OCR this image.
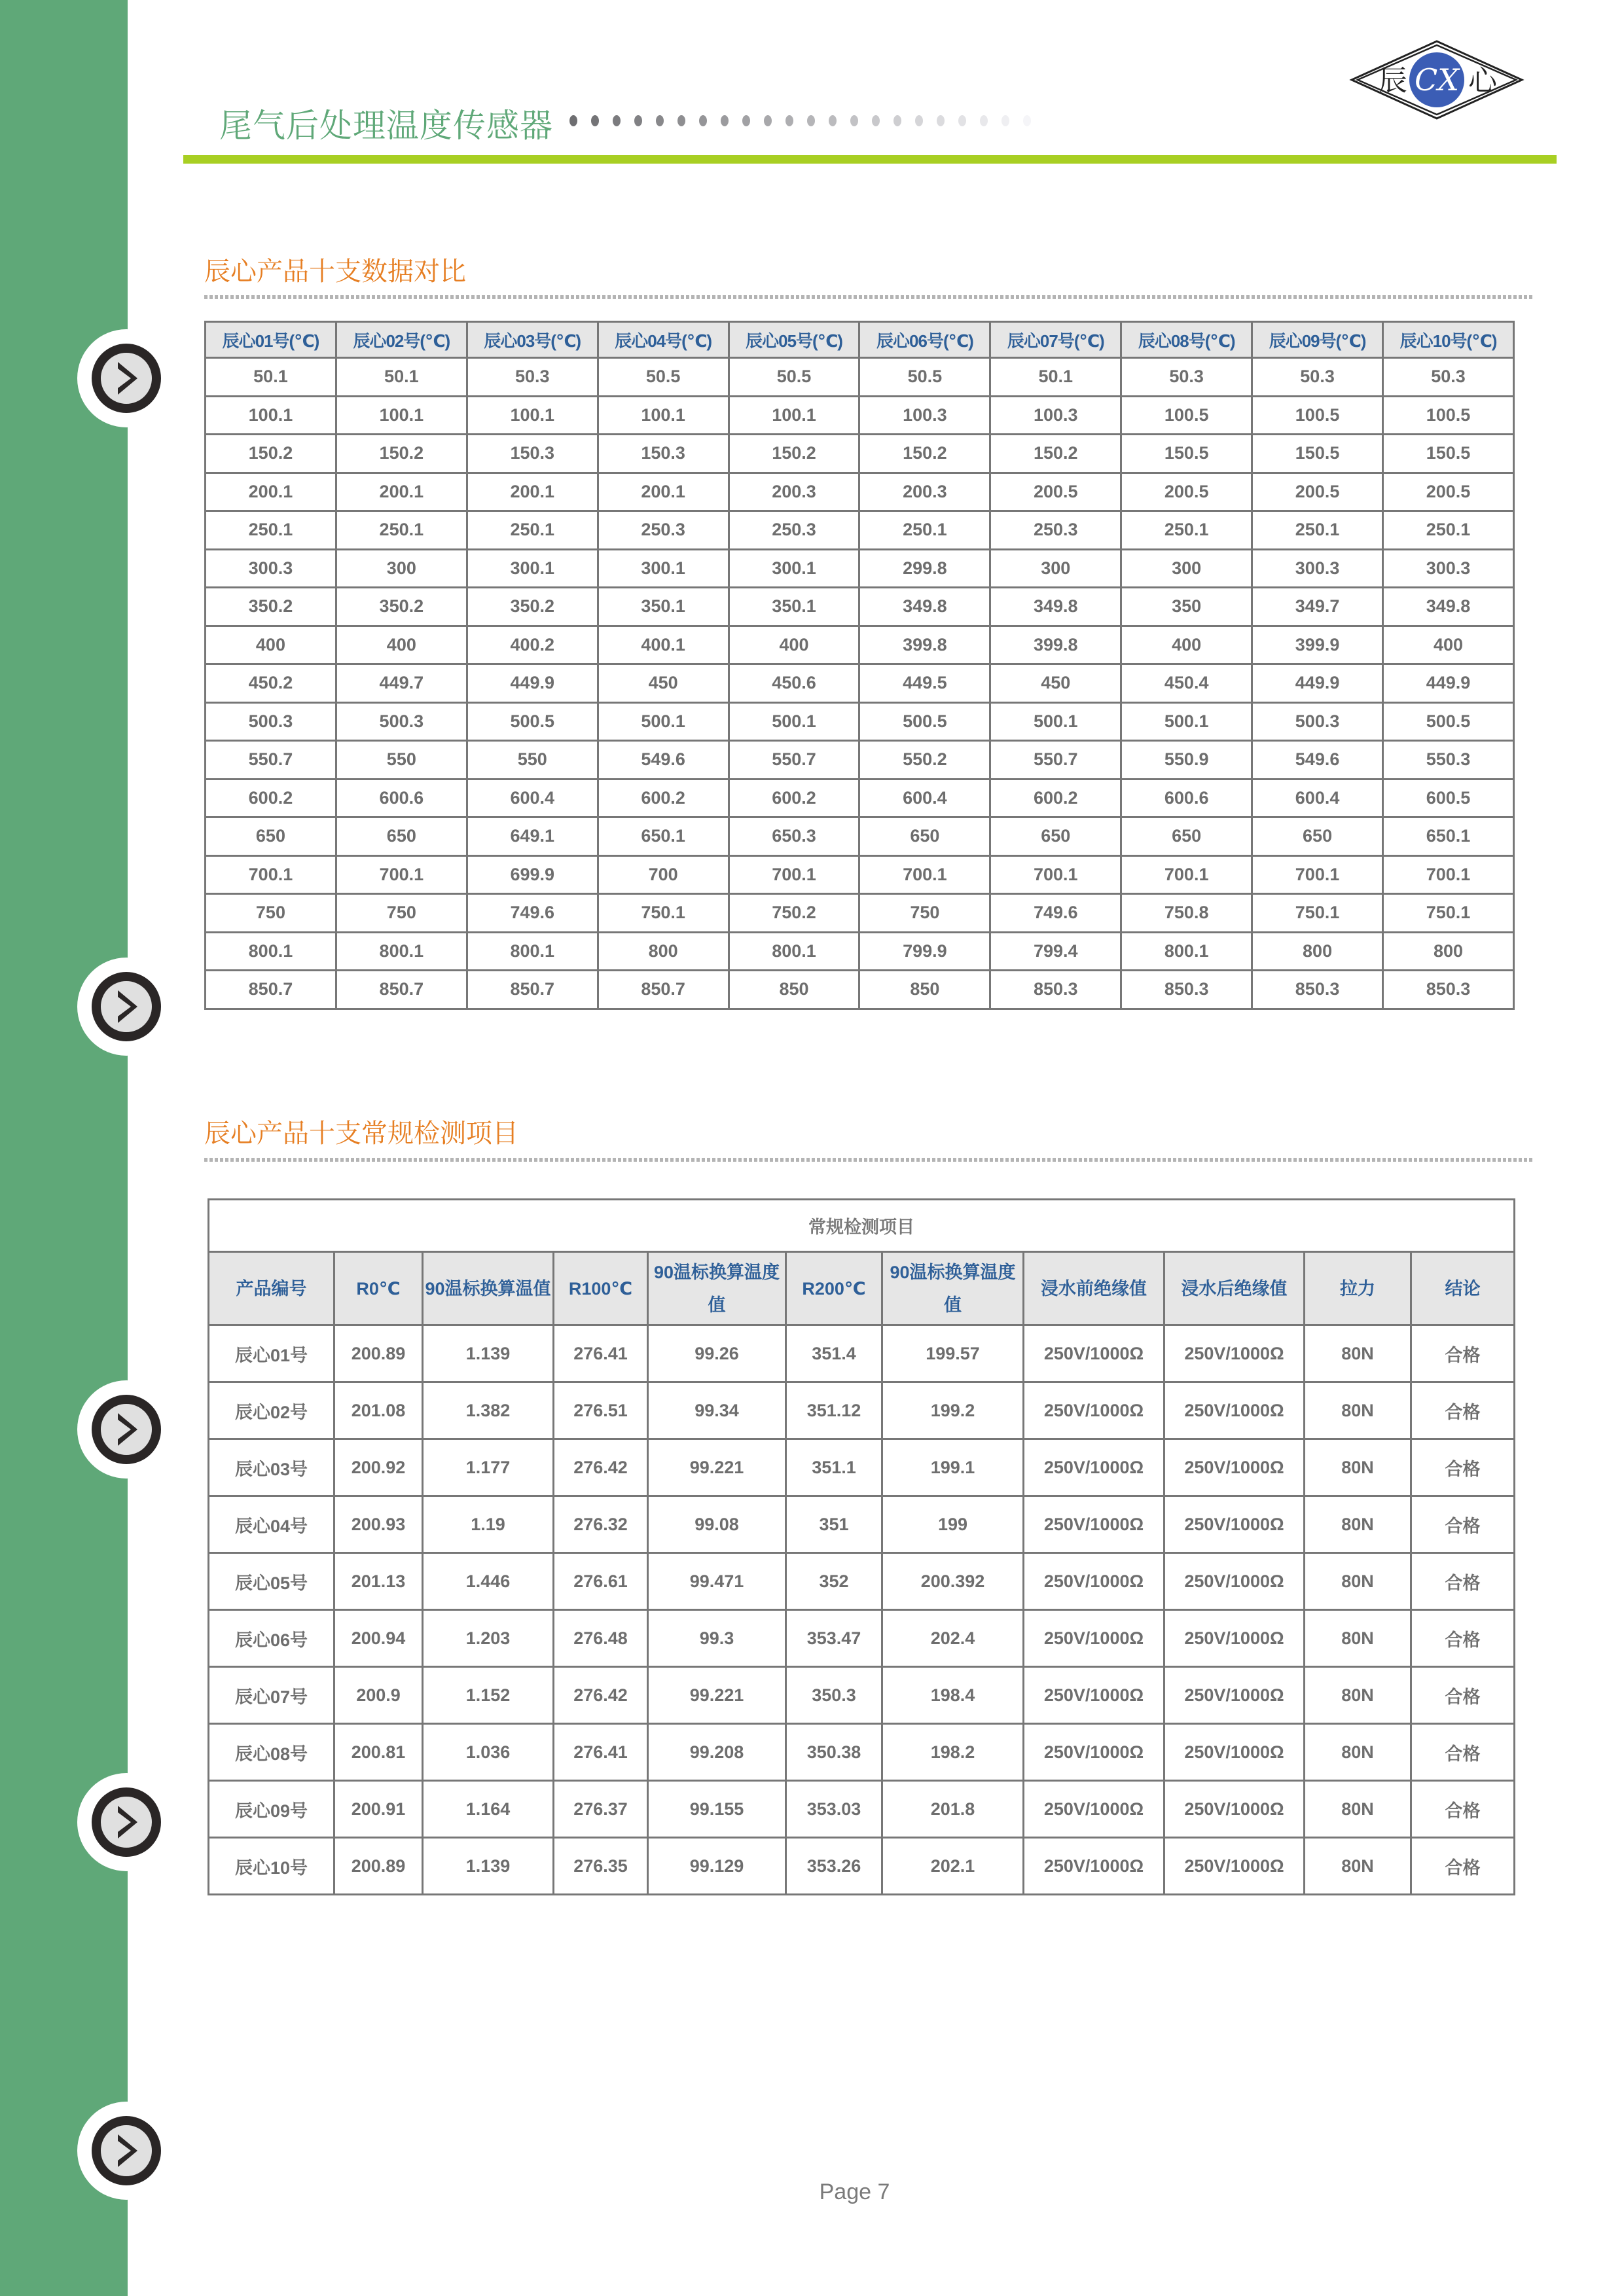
尾气后处理温度传感器
辰 CX 心
辰心产品十支数据对比
辰心01号(℃)	辰心02号(℃)	辰心03号(℃)	辰心04号(℃)	辰心05号(℃)	辰心06号(℃)	辰心07号(℃)	辰心08号(℃)	辰心09号(℃)	辰心10号(℃)
50.1	50.1	50.3	50.5	50.5	50.5	50.1	50.3	50.3	50.3
100.1	100.1	100.1	100.1	100.1	100.3	100.3	100.5	100.5	100.5
150.2	150.2	150.3	150.3	150.2	150.2	150.2	150.5	150.5	150.5
200.1	200.1	200.1	200.1	200.3	200.3	200.5	200.5	200.5	200.5
250.1	250.1	250.1	250.3	250.3	250.1	250.3	250.1	250.1	250.1
300.3	300	300.1	300.1	300.1	299.8	300	300	300.3	300.3
350.2	350.2	350.2	350.1	350.1	349.8	349.8	350	349.7	349.8
400	400	400.2	400.1	400	399.8	399.8	400	399.9	400
450.2	449.7	449.9	450	450.6	449.5	450	450.4	449.9	449.9
500.3	500.3	500.5	500.1	500.1	500.5	500.1	500.1	500.3	500.5
550.7	550	550	549.6	550.7	550.2	550.7	550.9	549.6	550.3
600.2	600.6	600.4	600.2	600.2	600.4	600.2	600.6	600.4	600.5
650	650	649.1	650.1	650.3	650	650	650	650	650.1
700.1	700.1	699.9	700	700.1	700.1	700.1	700.1	700.1	700.1
750	750	749.6	750.1	750.2	750	749.6	750.8	750.1	750.1
800.1	800.1	800.1	800	800.1	799.9	799.4	800.1	800	800
850.7	850.7	850.7	850.7	850	850	850.3	850.3	850.3	850.3
辰心产品十支常规检测项目
常规检测项目										
产品编号	R0℃	90温标换算温值	R100℃	90温标换算温度值	R200℃	90温标换算温度值	浸水前绝缘值	浸水后绝缘值	拉力	结论
辰心01号	200.89	1.139	276.41	99.26	351.4	199.57	250V/1000Ω	250V/1000Ω	80N	合格
辰心02号	201.08	1.382	276.51	99.34	351.12	199.2	250V/1000Ω	250V/1000Ω	80N	合格
辰心03号	200.92	1.177	276.42	99.221	351.1	199.1	250V/1000Ω	250V/1000Ω	80N	合格
辰心04号	200.93	1.19	276.32	99.08	351	199	250V/1000Ω	250V/1000Ω	80N	合格
辰心05号	201.13	1.446	276.61	99.471	352	200.392	250V/1000Ω	250V/1000Ω	80N	合格
辰心06号	200.94	1.203	276.48	99.3	353.47	202.4	250V/1000Ω	250V/1000Ω	80N	合格
辰心07号	200.9	1.152	276.42	99.221	350.3	198.4	250V/1000Ω	250V/1000Ω	80N	合格
辰心08号	200.81	1.036	276.41	99.208	350.38	198.2	250V/1000Ω	250V/1000Ω	80N	合格
辰心09号	200.91	1.164	276.37	99.155	353.03	201.8	250V/1000Ω	250V/1000Ω	80N	合格
辰心10号	200.89	1.139	276.35	99.129	353.26	202.1	250V/1000Ω	250V/1000Ω	80N	合格
Page 7
